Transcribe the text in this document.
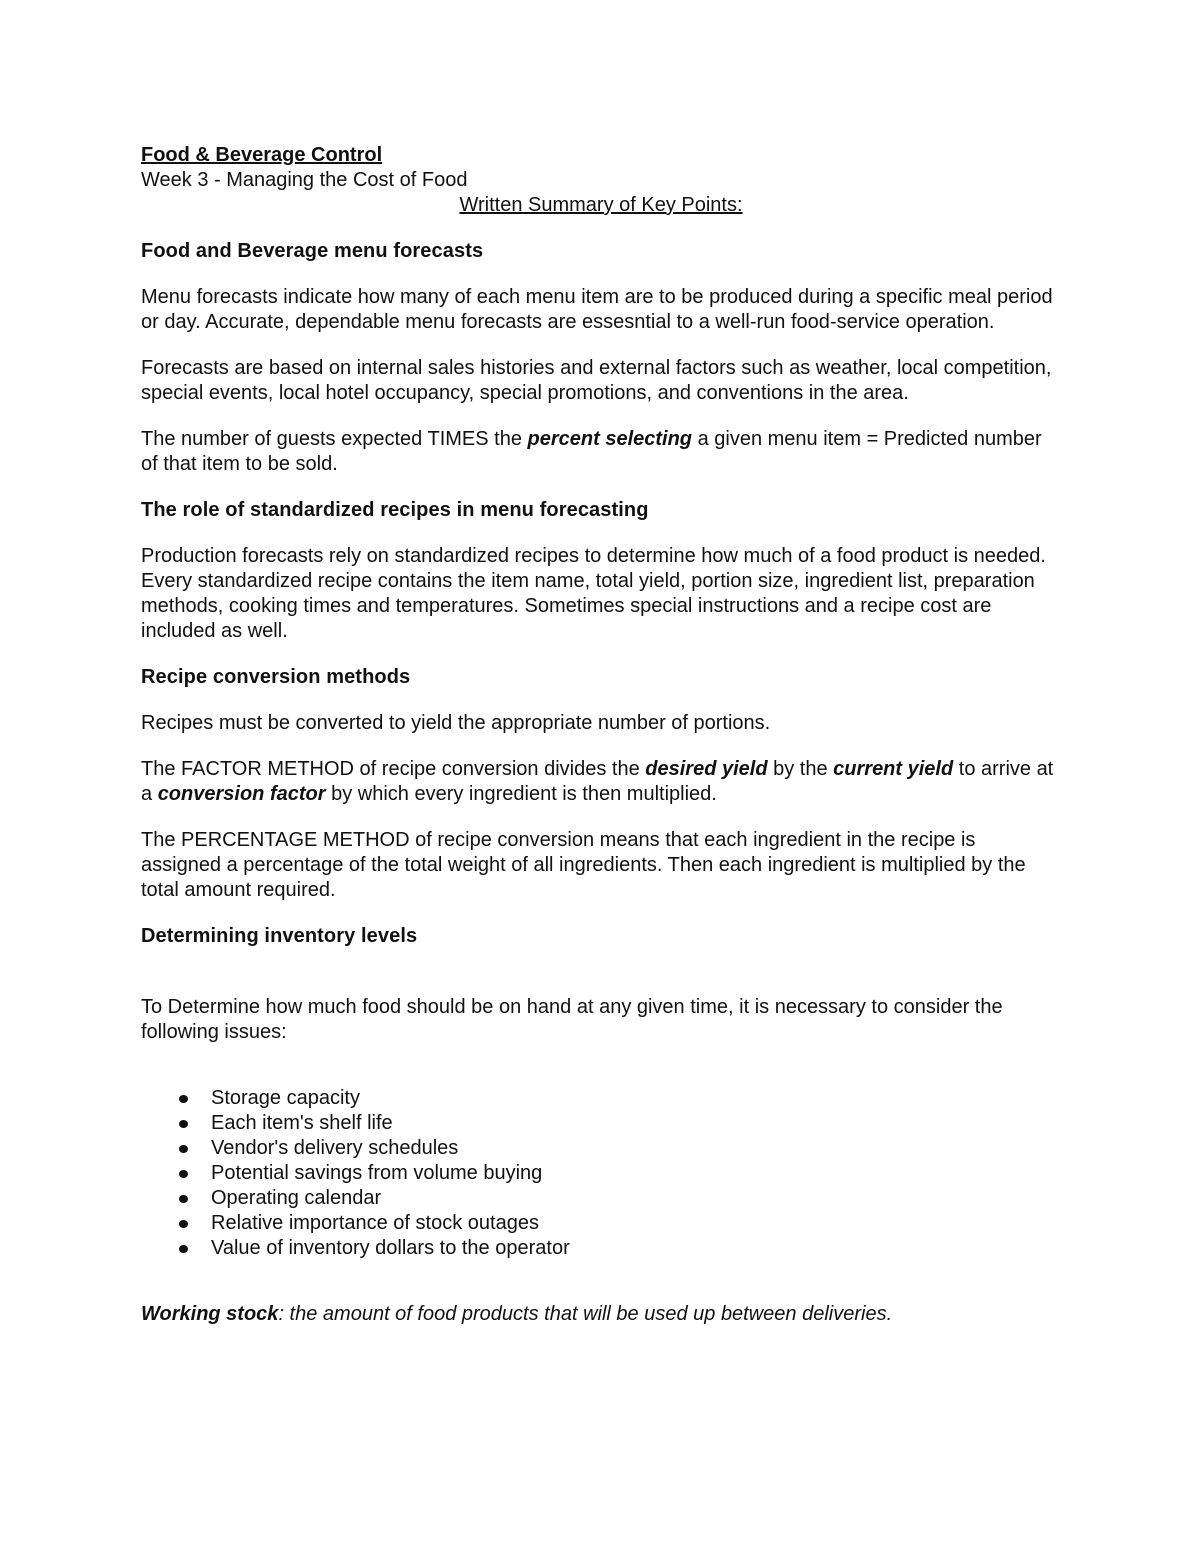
Food & Beverage Control
Week 3 - Managing the Cost of Food
Written Summary of Key Points:
Food and Beverage menu forecasts

Menu forecasts indicate how many of each menu item are to be produced during a specific meal period or day. Accurate, dependable menu forecasts are essesntial to a well-run food-service operation.

Forecasts are based on internal sales histories and external factors such as weather, local competition, special events, local hotel occupancy, special promotions, and conventions in the area.

The number of guests expected TIMES the percent selecting a given menu item = Predicted number of that item to be sold.

The role of standardized recipes in menu forecasting

Production forecasts rely on standardized recipes to determine how much of a food product is needed. Every standardized recipe contains the item name, total yield, portion size, ingredient list, preparation methods, cooking times and temperatures. Sometimes special instructions and a recipe cost are included as well.

Recipe conversion methods

Recipes must be converted to yield the appropriate number of portions.

The FACTOR METHOD of recipe conversion divides the desired yield by the current yield to arrive at a conversion factor by which every ingredient is then multiplied.

The PERCENTAGE METHOD of recipe conversion means that each ingredient in the recipe is assigned a percentage of the total weight of all ingredients. Then each ingredient is multiplied by the total amount required.

Determining inventory levels

To Determine how much food should be on hand at any given time, it is necessary to consider the following issues:

Storage capacity
Each item's shelf life
Vendor's delivery schedules
Potential savings from volume buying
Operating calendar
Relative importance of stock outages
Value of inventory dollars to the operator

Working stock: the amount of food products that will be used up between deliveries.
